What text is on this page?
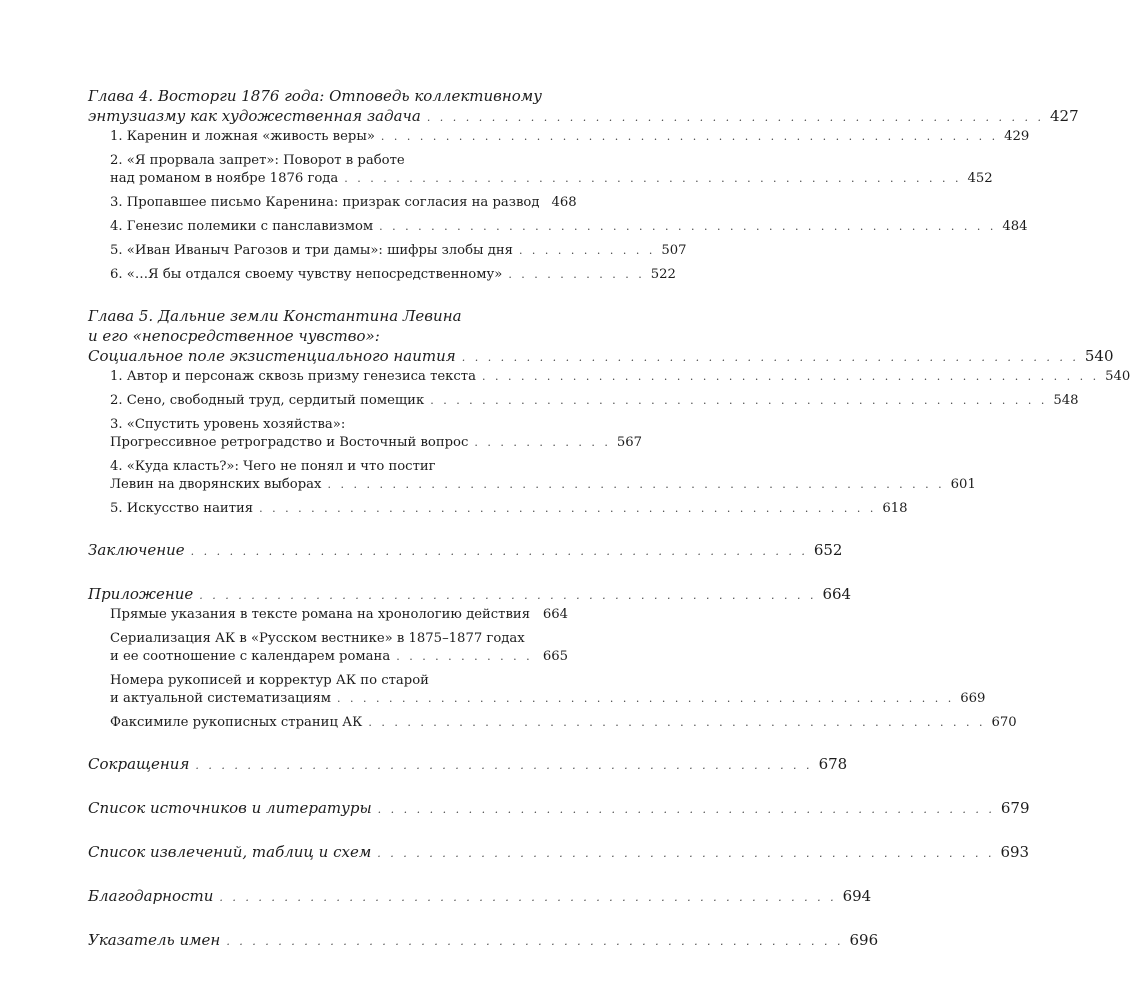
Глава 4. Восторги 1876 года: Отповедь коллективному
энтузиазму как художественная задача . . . . . . . . . . . . . . . . . . . . . . . . . . . . . . . . . . . . . . . . . . . . . . . . 427
1. Каренин и ложная «живость веры» . . . . . . . . . . . . . . . . . . . . . . . . . . . . . . . . . . . . . . . . . . . . . . . . 429
2. «Я прорвала запрет»: Поворот в работе
над романом в ноябре 1876 года . . . . . . . . . . . . . . . . . . . . . . . . . . . . . . . . . . . . . . . . . . . . . . . . 452
3. Пропавшее письмо Каренина: призрак согласия на развод 468
4. Генезис полемики с панславизмом . . . . . . . . . . . . . . . . . . . . . . . . . . . . . . . . . . . . . . . . . . . . . . . . 484
5. «Иван Иваныч Рагозов и три дамы»: шифры злобы дня . . . . . . . . . . . 507
6. «…Я бы отдался своему чувству непосредственному» . . . . . . . . . . . 522
Глава 5. Дальние земли Константина Левина
и его «непосредственное чувство»:
Социальное поле экзистенциального наития . . . . . . . . . . . . . . . . . . . . . . . . . . . . . . . . . . . . . . . . . . . . . . . . 540
1. Автор и персонаж сквозь призму генезиса текста . . . . . . . . . . . . . . . . . . . . . . . . . . . . . . . . . . . . . . . . . . . . . . . . 540
2. Сено, свободный труд, сердитый помещик . . . . . . . . . . . . . . . . . . . . . . . . . . . . . . . . . . . . . . . . . . . . . . . . 548
3. «Спустить уровень хозяйства»:
Прогрессивное ретроградство и Восточный вопрос . . . . . . . . . . . 567
4. «Куда класть?»: Чего не понял и что постиг
Левин на дворянских выборах . . . . . . . . . . . . . . . . . . . . . . . . . . . . . . . . . . . . . . . . . . . . . . . . 601
5. Искусство наития . . . . . . . . . . . . . . . . . . . . . . . . . . . . . . . . . . . . . . . . . . . . . . . . 618
Заключение . . . . . . . . . . . . . . . . . . . . . . . . . . . . . . . . . . . . . . . . . . . . . . . . 652
Приложение . . . . . . . . . . . . . . . . . . . . . . . . . . . . . . . . . . . . . . . . . . . . . . . . 664
Прямые указания в тексте романа на хронологию действия 664
Сериализация АК в «Русском вестнике» в 1875–1877 годах
и ее соотношение с календарем романа . . . . . . . . . . . 665
Номера рукописей и корректур АК по старой
и актуальной систематизациям . . . . . . . . . . . . . . . . . . . . . . . . . . . . . . . . . . . . . . . . . . . . . . . . 669
Факсимиле рукописных страниц АК . . . . . . . . . . . . . . . . . . . . . . . . . . . . . . . . . . . . . . . . . . . . . . . . 670
Сокращения . . . . . . . . . . . . . . . . . . . . . . . . . . . . . . . . . . . . . . . . . . . . . . . . 678
Список источников и литературы . . . . . . . . . . . . . . . . . . . . . . . . . . . . . . . . . . . . . . . . . . . . . . . . 679
Список извлечений, таблиц и схем . . . . . . . . . . . . . . . . . . . . . . . . . . . . . . . . . . . . . . . . . . . . . . . . 693
Благодарности . . . . . . . . . . . . . . . . . . . . . . . . . . . . . . . . . . . . . . . . . . . . . . . . 694
Указатель имен . . . . . . . . . . . . . . . . . . . . . . . . . . . . . . . . . . . . . . . . . . . . . . . . 696
